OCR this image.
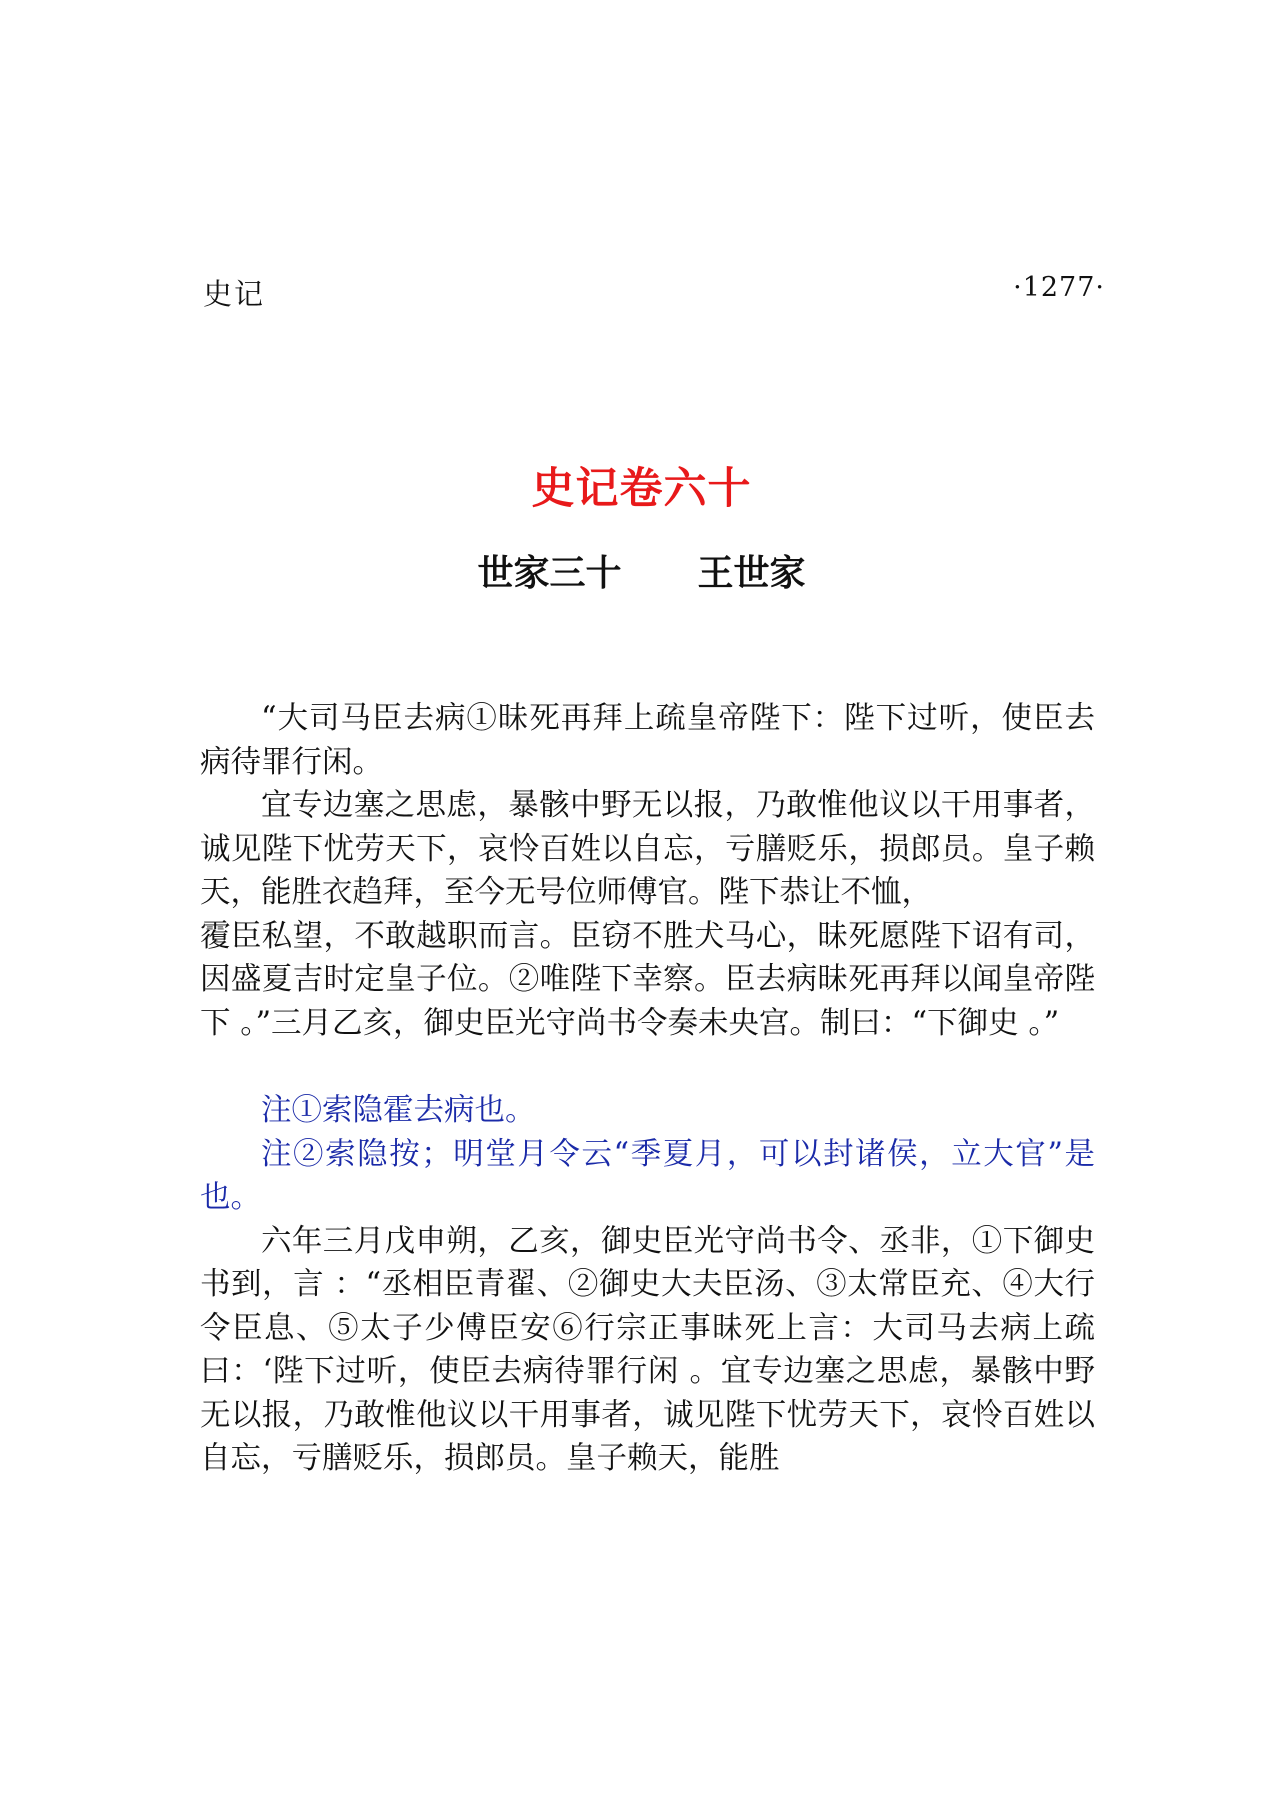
史记	·1277·
史记卷六十
世家三十 王世家

“大司马臣去病①昧死再拜上疏皇帝陛下：陛下过听，使臣去病待罪行闲。

宜专边塞之思虑，暴骸中野无以报，乃敢惟他议以干用事者，诚见陛下忧劳天下，哀怜百姓以自忘，亏膳贬乐，损郎员。皇子赖天，能胜衣趋拜，至今无号位师傅官。陛下恭让不恤，

䨱臣私望，不敢越职而言。臣窃不胜犬马心，昧死愿陛下诏有司，因盛夏吉时定皇子位。②唯陛下幸察。臣去病昧死再拜以闻皇帝陛下 。”三月乙亥，御史臣光守尚书令奏未央宫。制曰：“下御史 。”

注①索隐霍去病也。

注②索隐按；明堂月令云“季夏月，可以封诸侯，立大官”是也。

六年三月戊申朔，乙亥，御史臣光守尚书令、丞非，①下御史书到，言 ：“丞相臣青翟、②御史大夫臣汤、③太常臣充、④大行令臣息、⑤太子少傅臣安⑥行宗正事昧死上言：大司马去病上疏曰：‘陛下过听，使臣去病待罪行闲 。宜专边塞之思虑，暴骸中野无以报，乃敢惟他议以干用事者，诚见陛下忧劳天下，哀怜百姓以自忘，亏膳贬乐，损郎员。皇子赖天，能胜
